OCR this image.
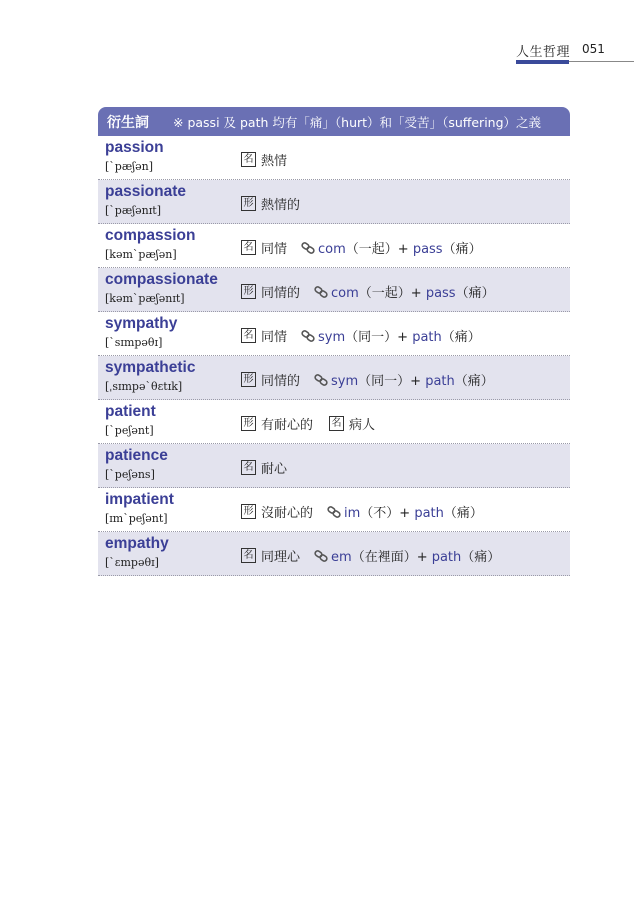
人生哲理 051
衍生詞	※ passi 及 path 均有「痛」（hurt）和「受苦」（suffering）之義
passion
[`pæʃən]
名 熱情
passionate
[`pæʃənɪt]
形 熱情的
compassion
[kəm`pæʃən]
名 同情 com（一起）+ pass（痛）
compassionate
[kəm`pæʃənɪt]
形 同情的 com（一起）+ pass（痛）
sympathy
[`sɪmpəθɪ]
名 同情 sym（同一）+ path（痛）
sympathetic
[ˌsɪmpə`θɛtɪk]
形 同情的 sym（同一）+ path（痛）
patient
[`peʃənt]
形 有耐心的 名 病人
patience
[`peʃəns]
名 耐心
impatient
[ɪm`peʃənt]
形 沒耐心的 im（不）+ path（痛）
empathy
[`ɛmpəθɪ]
名 同理心 em（在裡面）+ path（痛）
